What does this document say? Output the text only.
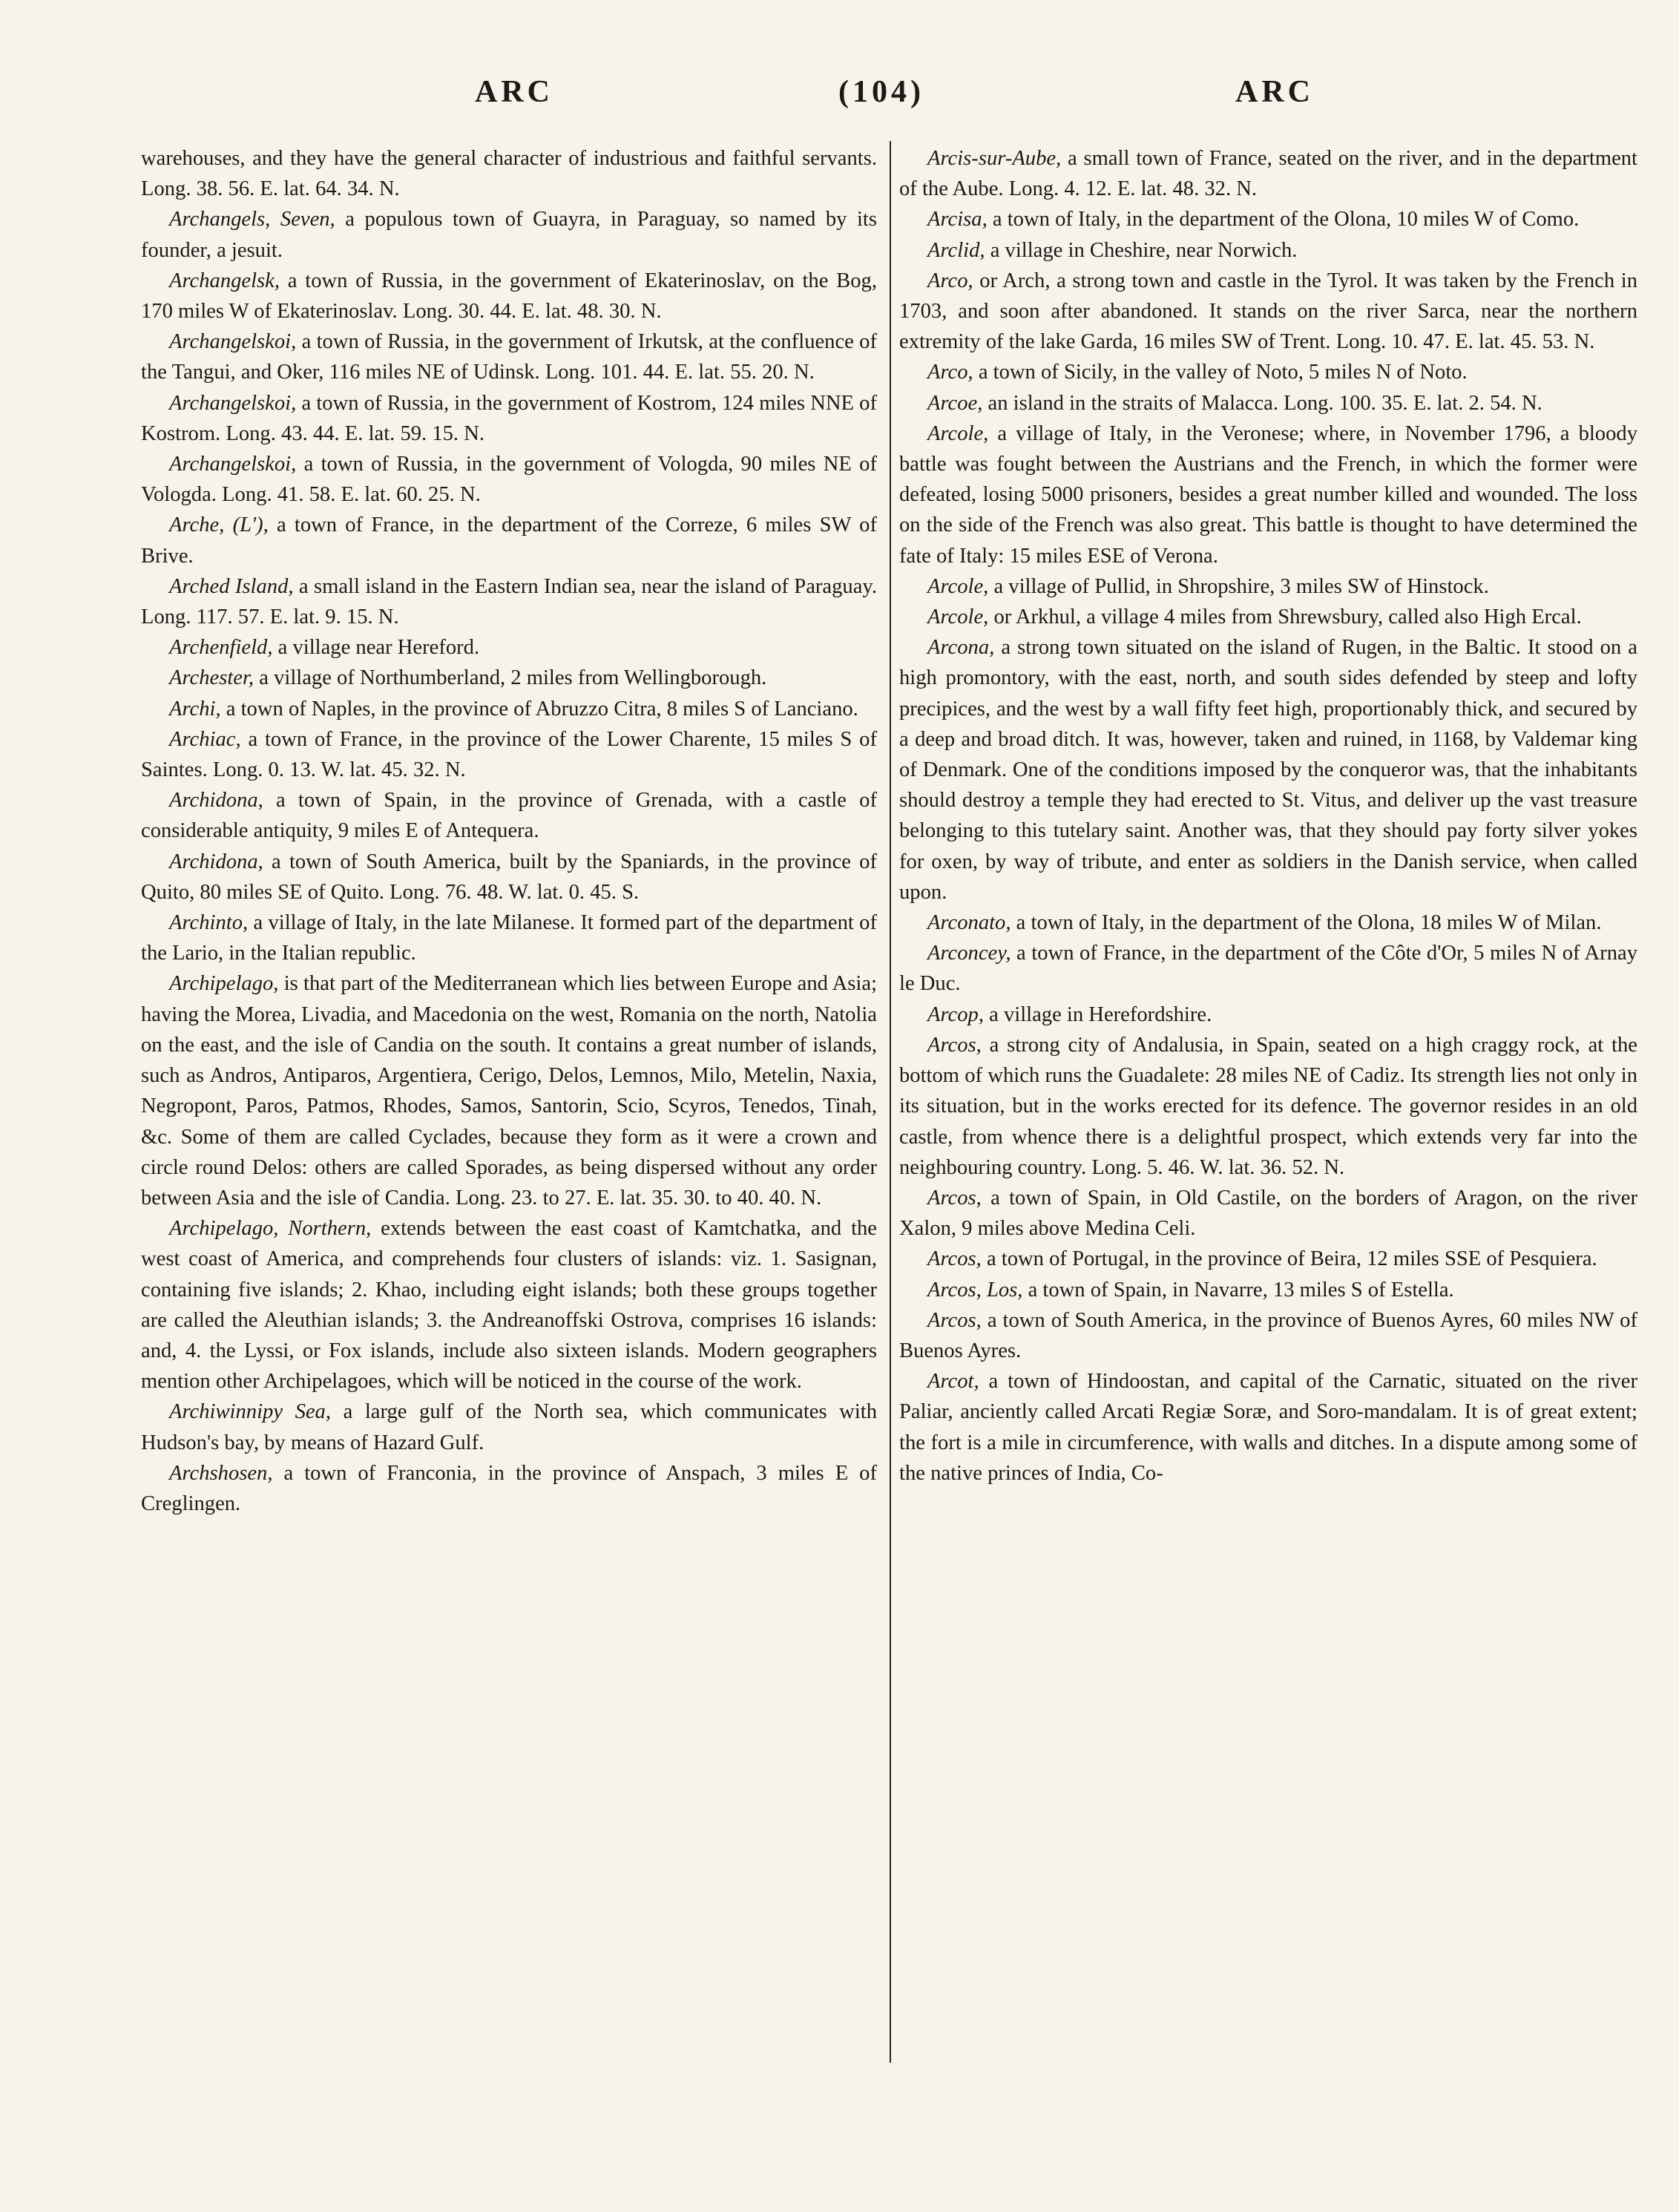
ARC	(104)	ARC
warehouses, and they have the general character of industrious and faithful servants. Long. 38. 56. E. lat. 64. 34. N.
Archangels, Seven, a populous town of Guayra, in Paraguay, so named by its founder, a jesuit.
Archangelsk, a town of Russia, in the government of Ekaterinoslav, on the Bog, 170 miles W of Ekaterinoslav. Long. 30. 44. E. lat. 48. 30. N.
Archangelskoi, a town of Russia, in the government of Irkutsk, at the confluence of the Tangui, and Oker, 116 miles NE of Udinsk. Long. 101. 44. E. lat. 55. 20. N.
Archangelskoi, a town of Russia, in the government of Kostrom, 124 miles NNE of Kostrom. Long. 43. 44. E. lat. 59. 15. N.
Archangelskoi, a town of Russia, in the government of Vologda, 90 miles NE of Vologda. Long. 41. 58. E. lat. 60. 25. N.
Arche, (L'), a town of France, in the department of the Correze, 6 miles SW of Brive.
Arched Island, a small island in the Eastern Indian sea, near the island of Paraguay. Long. 117. 57. E. lat. 9. 15. N.
Archenfield, a village near Hereford.
Archester, a village of Northumberland, 2 miles from Wellingborough.
Archi, a town of Naples, in the province of Abruzzo Citra, 8 miles S of Lanciano.
Archiac, a town of France, in the province of the Lower Charente, 15 miles S of Saintes. Long. 0. 13. W. lat. 45. 32. N.
Archidona, a town of Spain, in the province of Grenada, with a castle of considerable antiquity, 9 miles E of Antequera.
Archidona, a town of South America, built by the Spaniards, in the province of Quito, 80 miles SE of Quito. Long. 76. 48. W. lat. 0. 45. S.
Archinto, a village of Italy, in the late Milanese. It formed part of the department of the Lario, in the Italian republic.
Archipelago, is that part of the Mediterranean which lies between Europe and Asia; having the Morea, Livadia, and Macedonia on the west, Romania on the north, Natolia on the east, and the isle of Candia on the south. It contains a great number of islands, such as Andros, Antiparos, Argentiera, Cerigo, Delos, Lemnos, Milo, Metelin, Naxia, Negropont, Paros, Patmos, Rhodes, Samos, Santorin, Scio, Scyros, Tenedos, Tinah, &c. Some of them are called Cyclades, because they form as it were a crown and circle round Delos: others are called Sporades, as being dispersed without any order between Asia and the isle of Candia. Long. 23. to 27. E. lat. 35. 30. to 40. 40. N.
Archipelago, Northern, extends between the east coast of Kamtchatka, and the west coast of America, and comprehends four clusters of islands: viz. 1. Sasignan, containing five islands; 2. Khao, including eight islands; both these groups together are called the Aleuthian islands; 3. the Andreanoffski Ostrova, comprises 16 islands: and, 4. the Lyssi, or Fox islands, include also sixteen islands. Modern geographers mention other Archipelagoes, which will be noticed in the course of the work.
Archiwinnipy Sea, a large gulf of the North sea, which communicates with Hudson's bay, by means of Hazard Gulf.
Archshosen, a town of Franconia, in the province of Anspach, 3 miles E of Creglingen.
Arcis-sur-Aube, a small town of France, seated on the river, and in the department of the Aube. Long. 4. 12. E. lat. 48. 32. N.
Arcisa, a town of Italy, in the department of the Olona, 10 miles W of Como.
Arclid, a village in Cheshire, near Norwich.
Arco, or Arch, a strong town and castle in the Tyrol. It was taken by the French in 1703, and soon after abandoned. It stands on the river Sarca, near the northern extremity of the lake Garda, 16 miles SW of Trent. Long. 10. 47. E. lat. 45. 53. N.
Arco, a town of Sicily, in the valley of Noto, 5 miles N of Noto.
Arcoe, an island in the straits of Malacca. Long. 100. 35. E. lat. 2. 54. N.
Arcole, a village of Italy, in the Veronese; where, in November 1796, a bloody battle was fought between the Austrians and the French, in which the former were defeated, losing 5000 prisoners, besides a great number killed and wounded. The loss on the side of the French was also great. This battle is thought to have determined the fate of Italy: 15 miles ESE of Verona.
Arcole, a village of Pullid, in Shropshire, 3 miles SW of Hinstock.
Arcole, or Arkhul, a village 4 miles from Shrewsbury, called also High Ercal.
Arcona, a strong town situated on the island of Rugen, in the Baltic. It stood on a high promontory, with the east, north, and south sides defended by steep and lofty precipices, and the west by a wall fifty feet high, proportionably thick, and secured by a deep and broad ditch. It was, however, taken and ruined, in 1168, by Valdemar king of Denmark. One of the conditions imposed by the conqueror was, that the inhabitants should destroy a temple they had erected to St. Vitus, and deliver up the vast treasure belonging to this tutelary saint. Another was, that they should pay forty silver yokes for oxen, by way of tribute, and enter as soldiers in the Danish service, when called upon.
Arconato, a town of Italy, in the department of the Olona, 18 miles W of Milan.
Arconcey, a town of France, in the department of the Côte d'Or, 5 miles N of Arnay le Duc.
Arcop, a village in Herefordshire.
Arcos, a strong city of Andalusia, in Spain, seated on a high craggy rock, at the bottom of which runs the Guadalete: 28 miles NE of Cadiz. Its strength lies not only in its situation, but in the works erected for its defence. The governor resides in an old castle, from whence there is a delightful prospect, which extends very far into the neighbouring country. Long. 5. 46. W. lat. 36. 52. N.
Arcos, a town of Spain, in Old Castile, on the borders of Aragon, on the river Xalon, 9 miles above Medina Celi.
Arcos, a town of Portugal, in the province of Beira, 12 miles SSE of Pesquiera.
Arcos, Los, a town of Spain, in Navarre, 13 miles S of Estella.
Arcos, a town of South America, in the province of Buenos Ayres, 60 miles NW of Buenos Ayres.
Arcot, a town of Hindoostan, and capital of the Carnatic, situated on the river Paliar, anciently called Arcati Regiæ Soræ, and Soro-mandalam. It is of great extent; the fort is a mile in circumference, with walls and ditches. In a dispute among some of the native princes of India, Co-
